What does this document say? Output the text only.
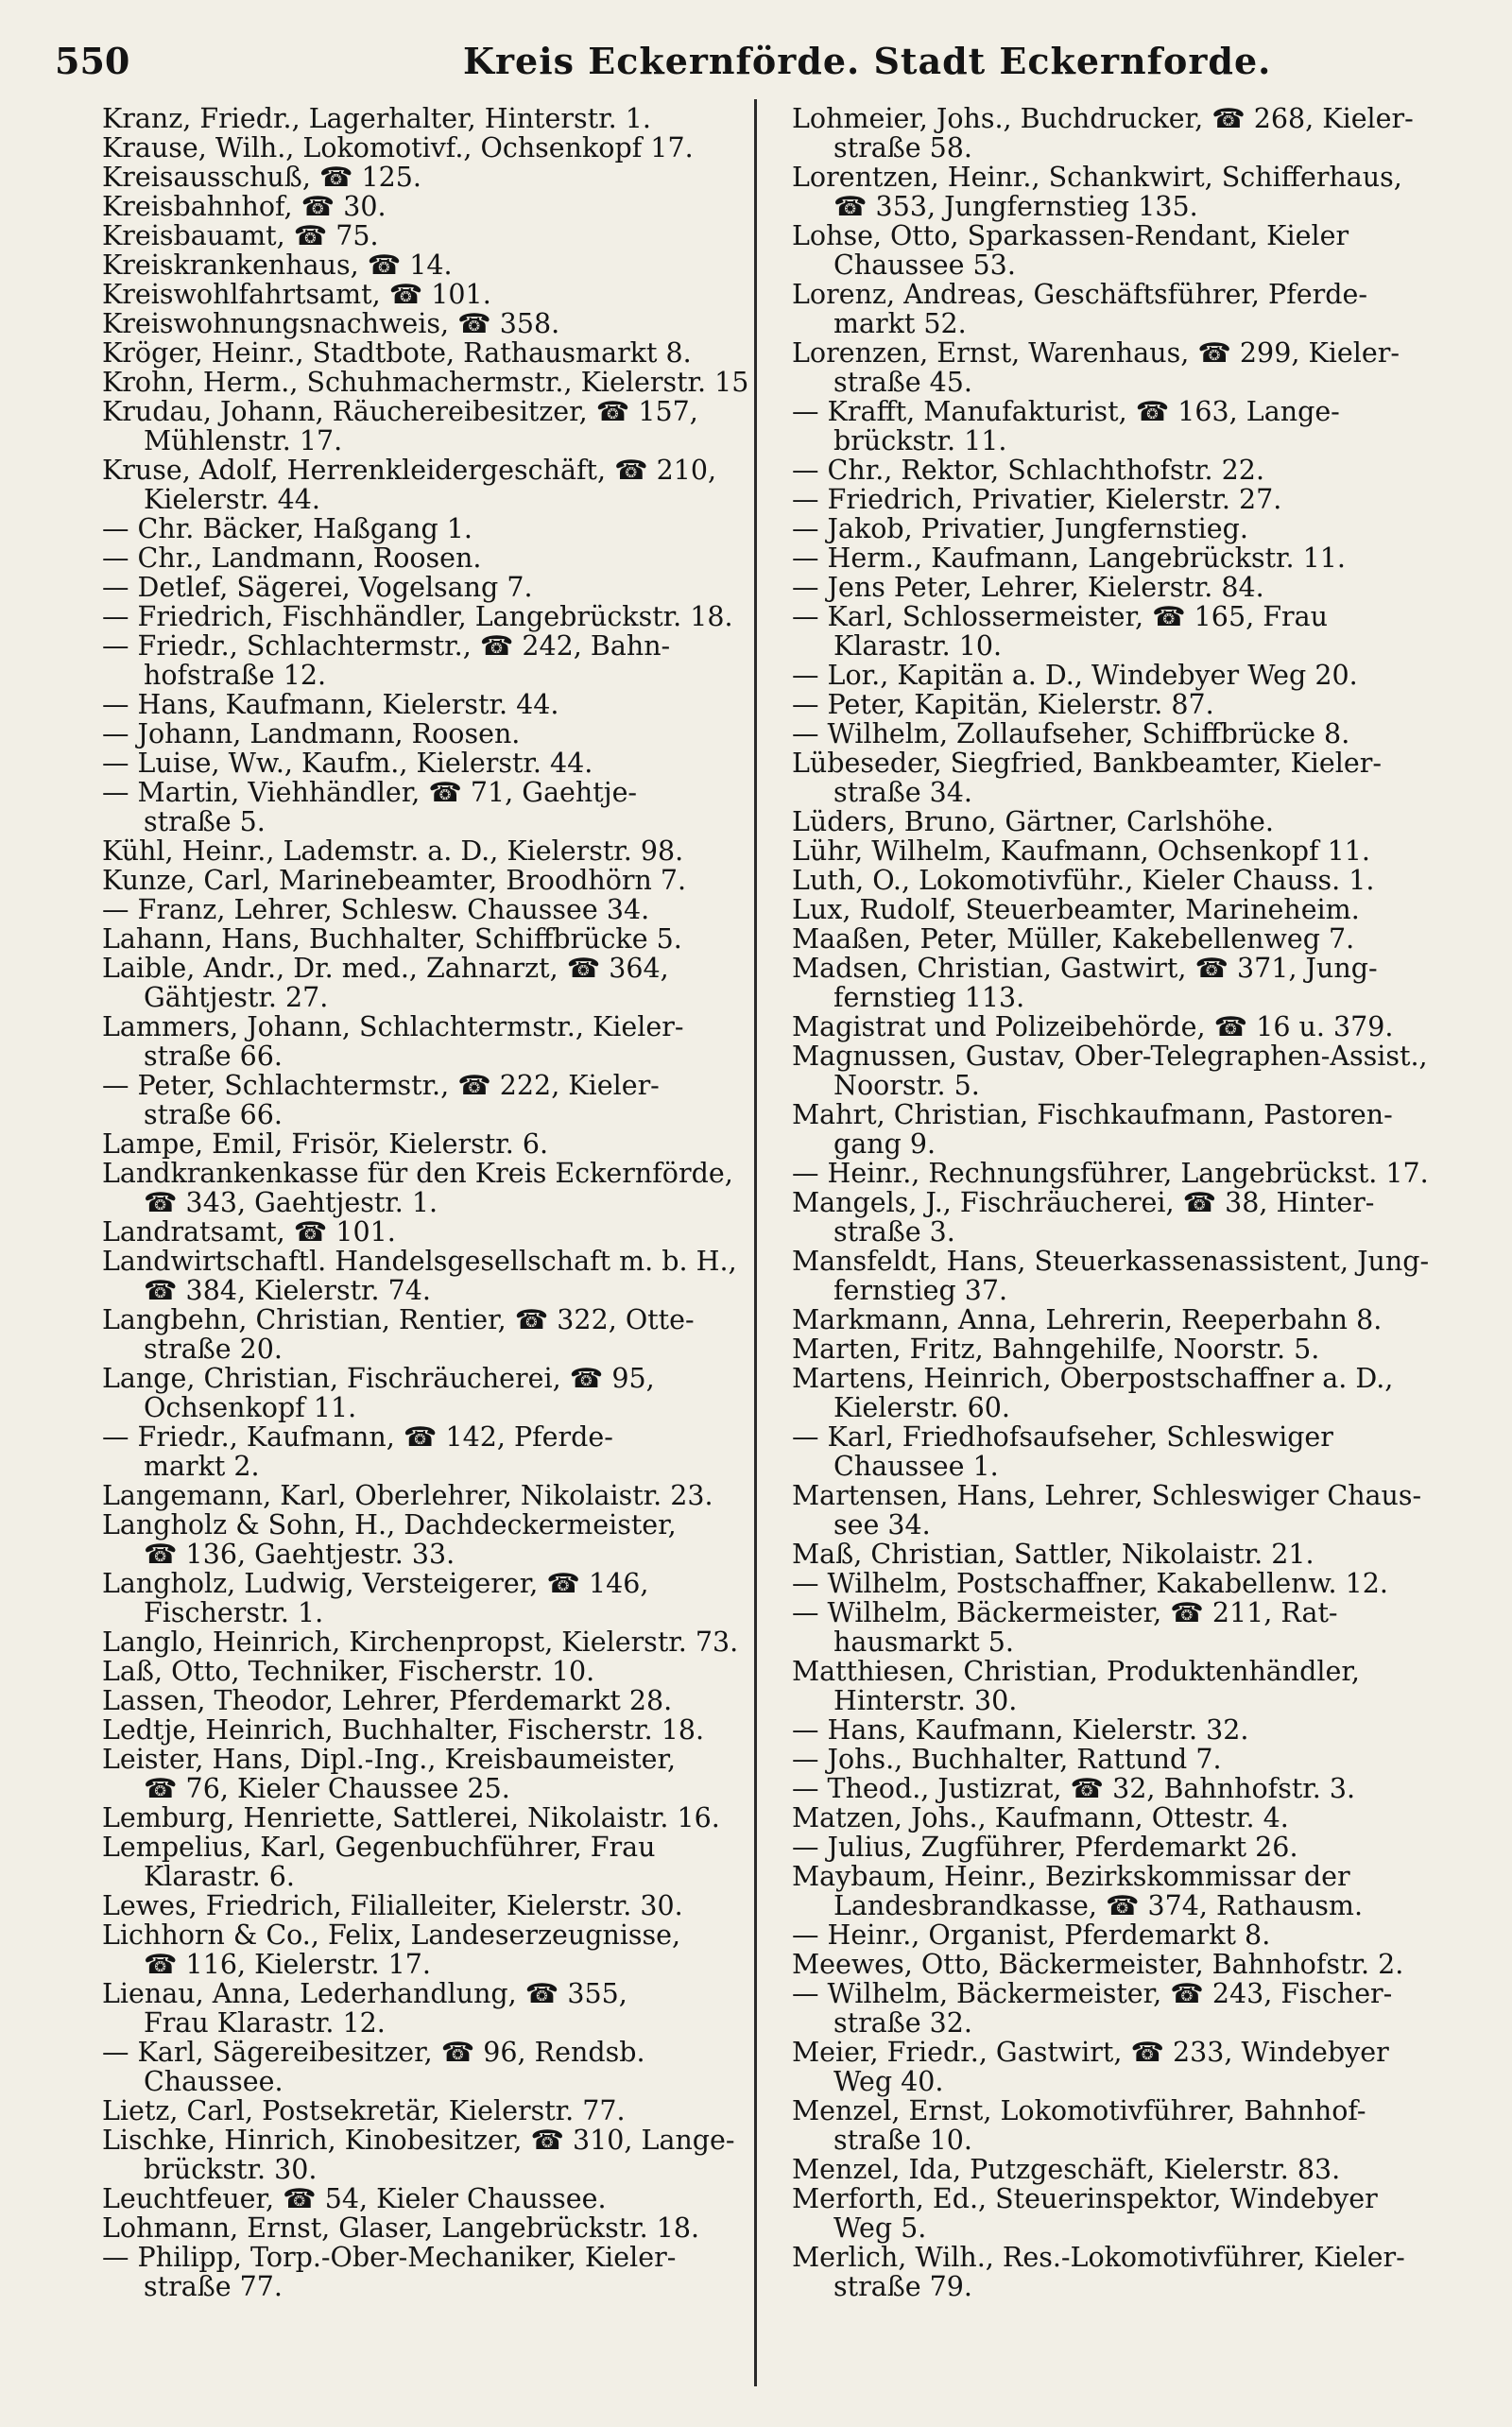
550	Kreis Eckernförde. Stadt Eckernforde.
Kranz, Friedr., Lagerhalter, Hinterstr. 1.
Krause, Wilh., Lokomotivf., Ochsenkopf 17.
Kreisausschuß, ☎ 125.
Kreisbahnhof, ☎ 30.
Kreisbauamt, ☎ 75.
Kreiskrankenhaus, ☎ 14.
Kreiswohlfahrtsamt, ☎ 101.
Kreiswohnungsnachweis, ☎ 358.
Kröger, Heinr., Stadtbote, Rathausmarkt 8.
Krohn, Herm., Schuhmachermstr., Kielerstr. 15
Krudau, Johann, Räuchereibesitzer, ☎ 157,
Mühlenstr. 17.
Kruse, Adolf, Herrenkleidergeschäft, ☎ 210,
Kielerstr. 44.
— Chr. Bäcker, Haßgang 1.
— Chr., Landmann, Roosen.
— Detlef, Sägerei, Vogelsang 7.
— Friedrich, Fischhändler, Langebrückstr. 18.
— Friedr., Schlachtermstr., ☎ 242, Bahn-
hofstraße 12.
— Hans, Kaufmann, Kielerstr. 44.
— Johann, Landmann, Roosen.
— Luise, Ww., Kaufm., Kielerstr. 44.
— Martin, Viehhändler, ☎ 71, Gaehtje-
straße 5.
Kühl, Heinr., Lademstr. a. D., Kielerstr. 98.
Kunze, Carl, Marinebeamter, Broodhörn 7.
— Franz, Lehrer, Schlesw. Chaussee 34.
Lahann, Hans, Buchhalter, Schiffbrücke 5.
Laible, Andr., Dr. med., Zahnarzt, ☎ 364,
Gähtjestr. 27.
Lammers, Johann, Schlachtermstr., Kieler-
straße 66.
— Peter, Schlachtermstr., ☎ 222, Kieler-
straße 66.
Lampe, Emil, Frisör, Kielerstr. 6.
Landkrankenkasse für den Kreis Eckernförde,
☎ 343, Gaehtjestr. 1.
Landratsamt, ☎ 101.
Landwirtschaftl. Handelsgesellschaft m. b. H.,
☎ 384, Kielerstr. 74.
Langbehn, Christian, Rentier, ☎ 322, Otte-
straße 20.
Lange, Christian, Fischräucherei, ☎ 95,
Ochsenkopf 11.
— Friedr., Kaufmann, ☎ 142, Pferde-
markt 2.
Langemann, Karl, Oberlehrer, Nikolaistr. 23.
Langholz & Sohn, H., Dachdeckermeister,
☎ 136, Gaehtjestr. 33.
Langholz, Ludwig, Versteigerer, ☎ 146,
Fischerstr. 1.
Langlo, Heinrich, Kirchenpropst, Kielerstr. 73.
Laß, Otto, Techniker, Fischerstr. 10.
Lassen, Theodor, Lehrer, Pferdemarkt 28.
Ledtje, Heinrich, Buchhalter, Fischerstr. 18.
Leister, Hans, Dipl.-Ing., Kreisbaumeister,
☎ 76, Kieler Chaussee 25.
Lemburg, Henriette, Sattlerei, Nikolaistr. 16.
Lempelius, Karl, Gegenbuchführer, Frau
Klarastr. 6.
Lewes, Friedrich, Filialleiter, Kielerstr. 30.
Lichhorn & Co., Felix, Landeserzeugnisse,
☎ 116, Kielerstr. 17.
Lienau, Anna, Lederhandlung, ☎ 355,
Frau Klarastr. 12.
— Karl, Sägereibesitzer, ☎ 96, Rendsb.
Chaussee.
Lietz, Carl, Postsekretär, Kielerstr. 77.
Lischke, Hinrich, Kinobesitzer, ☎ 310, Lange-
brückstr. 30.
Leuchtfeuer, ☎ 54, Kieler Chaussee.
Lohmann, Ernst, Glaser, Langebrückstr. 18.
— Philipp, Torp.-Ober-Mechaniker, Kieler-
straße 77.
Lohmeier, Johs., Buchdrucker, ☎ 268, Kieler-
straße 58.
Lorentzen, Heinr., Schankwirt, Schifferhaus,
☎ 353, Jungfernstieg 135.
Lohse, Otto, Sparkassen-Rendant, Kieler
Chaussee 53.
Lorenz, Andreas, Geschäftsführer, Pferde-
markt 52.
Lorenzen, Ernst, Warenhaus, ☎ 299, Kieler-
straße 45.
— Krafft, Manufakturist, ☎ 163, Lange-
brückstr. 11.
— Chr., Rektor, Schlachthofstr. 22.
— Friedrich, Privatier, Kielerstr. 27.
— Jakob, Privatier, Jungfernstieg.
— Herm., Kaufmann, Langebrückstr. 11.
— Jens Peter, Lehrer, Kielerstr. 84.
— Karl, Schlossermeister, ☎ 165, Frau
Klarastr. 10.
— Lor., Kapitän a. D., Windebyer Weg 20.
— Peter, Kapitän, Kielerstr. 87.
— Wilhelm, Zollaufseher, Schiffbrücke 8.
Lübeseder, Siegfried, Bankbeamter, Kieler-
straße 34.
Lüders, Bruno, Gärtner, Carlshöhe.
Lühr, Wilhelm, Kaufmann, Ochsenkopf 11.
Luth, O., Lokomotivführ., Kieler Chauss. 1.
Lux, Rudolf, Steuerbeamter, Marineheim.
Maaßen, Peter, Müller, Kakebellenweg 7.
Madsen, Christian, Gastwirt, ☎ 371, Jung-
fernstieg 113.
Magistrat und Polizeibehörde, ☎ 16 u. 379.
Magnussen, Gustav, Ober-Telegraphen-Assist.,
Noorstr. 5.
Mahrt, Christian, Fischkaufmann, Pastoren-
gang 9.
— Heinr., Rechnungsführer, Langebrückst. 17.
Mangels, J., Fischräucherei, ☎ 38, Hinter-
straße 3.
Mansfeldt, Hans, Steuerkassenassistent, Jung-
fernstieg 37.
Markmann, Anna, Lehrerin, Reeperbahn 8.
Marten, Fritz, Bahngehilfe, Noorstr. 5.
Martens, Heinrich, Oberpostschaffner a. D.,
Kielerstr. 60.
— Karl, Friedhofsaufseher, Schleswiger
Chaussee 1.
Martensen, Hans, Lehrer, Schleswiger Chaus-
see 34.
Maß, Christian, Sattler, Nikolaistr. 21.
— Wilhelm, Postschaffner, Kakabellenw. 12.
— Wilhelm, Bäckermeister, ☎ 211, Rat-
hausmarkt 5.
Matthiesen, Christian, Produktenhändler,
Hinterstr. 30.
— Hans, Kaufmann, Kielerstr. 32.
— Johs., Buchhalter, Rattund 7.
— Theod., Justizrat, ☎ 32, Bahnhofstr. 3.
Matzen, Johs., Kaufmann, Ottestr. 4.
— Julius, Zugführer, Pferdemarkt 26.
Maybaum, Heinr., Bezirkskommissar der
Landesbrandkasse, ☎ 374, Rathausm.
— Heinr., Organist, Pferdemarkt 8.
Meewes, Otto, Bäckermeister, Bahnhofstr. 2.
— Wilhelm, Bäckermeister, ☎ 243, Fischer-
straße 32.
Meier, Friedr., Gastwirt, ☎ 233, Windebyer
Weg 40.
Menzel, Ernst, Lokomotivführer, Bahnhof-
straße 10.
Menzel, Ida, Putzgeschäft, Kielerstr. 83.
Merforth, Ed., Steuerinspektor, Windebyer
Weg 5.
Merlich, Wilh., Res.-Lokomotivführer, Kieler-
straße 79.
